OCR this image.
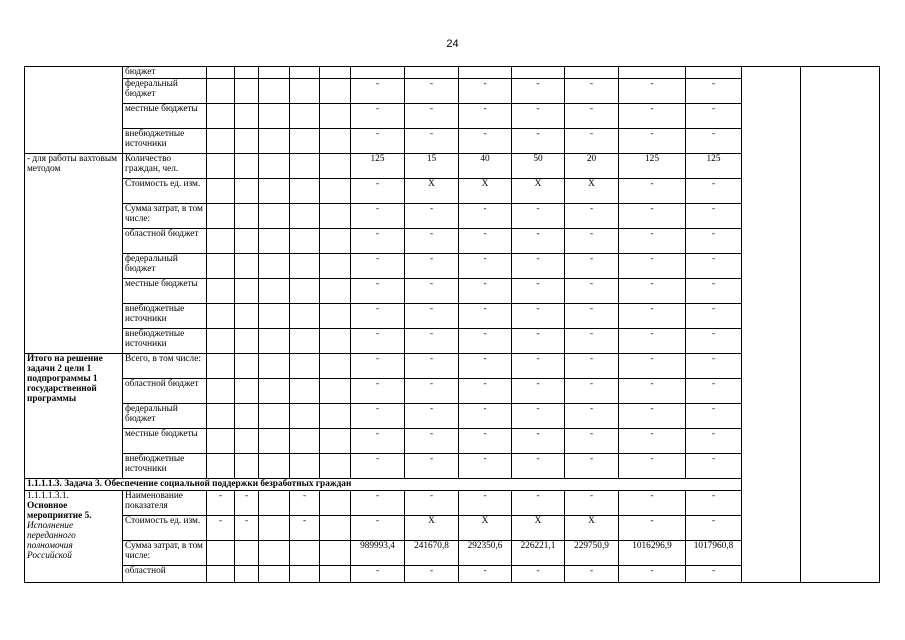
24
	бюджет															
	федеральный бюджет						-	-	-	-	-	-	-			
	местные бюджеты						-	-	-	-	-	-	-			
	внебюджетные источники						-	-	-	-	-	-	-			
- для работы вахтовым методом	Количество граждан, чел.						125	15	40	50	20	125	125			
	Стоимость ед. изм.						-	Х	Х	Х	Х	-	-			
	Сумма затрат, в том числе:						-	-	-	-	-	-	-			
	областной бюджет						-	-	-	-	-	-	-			
	федеральный бюджет						-	-	-	-	-	-	-			
	местные бюджеты						-	-	-	-	-	-	-			
	внебюджетные источники						-	-	-	-	-	-	-			
	внебюджетные источники						-	-	-	-	-	-	-			
Итого на решение задачи 2 цели 1 подпрограммы 1 государственной программы	Всего, в том числе:						-	-	-	-	-	-	-			
	областной бюджет						-	-	-	-	-	-	-			
	федеральный бюджет						-	-	-	-	-	-	-			
	местные бюджеты						-	-	-	-	-	-	-			
	внебюджетные источники						-	-	-	-	-	-	-			
1.1.1.1.3. Задача 3. Обеспечение социальной поддержки безработных граждан																

1.1.1.1.3.1.
Основное мероприятие 5.
Исполнение переданного полномочия Российской	Наименование показателя	-	-		-		-	-	-	-	-	-	-		
	Стоимость ед. изм.	-	-		-		-	Х	Х	Х	Х	-	-			
	Сумма затрат, в том числе:						989993,4	241670,8	292350,6	226221,1	229750,9	1016296,9	1017960,8			
	областной						-	-	-	-	-	-	-			
